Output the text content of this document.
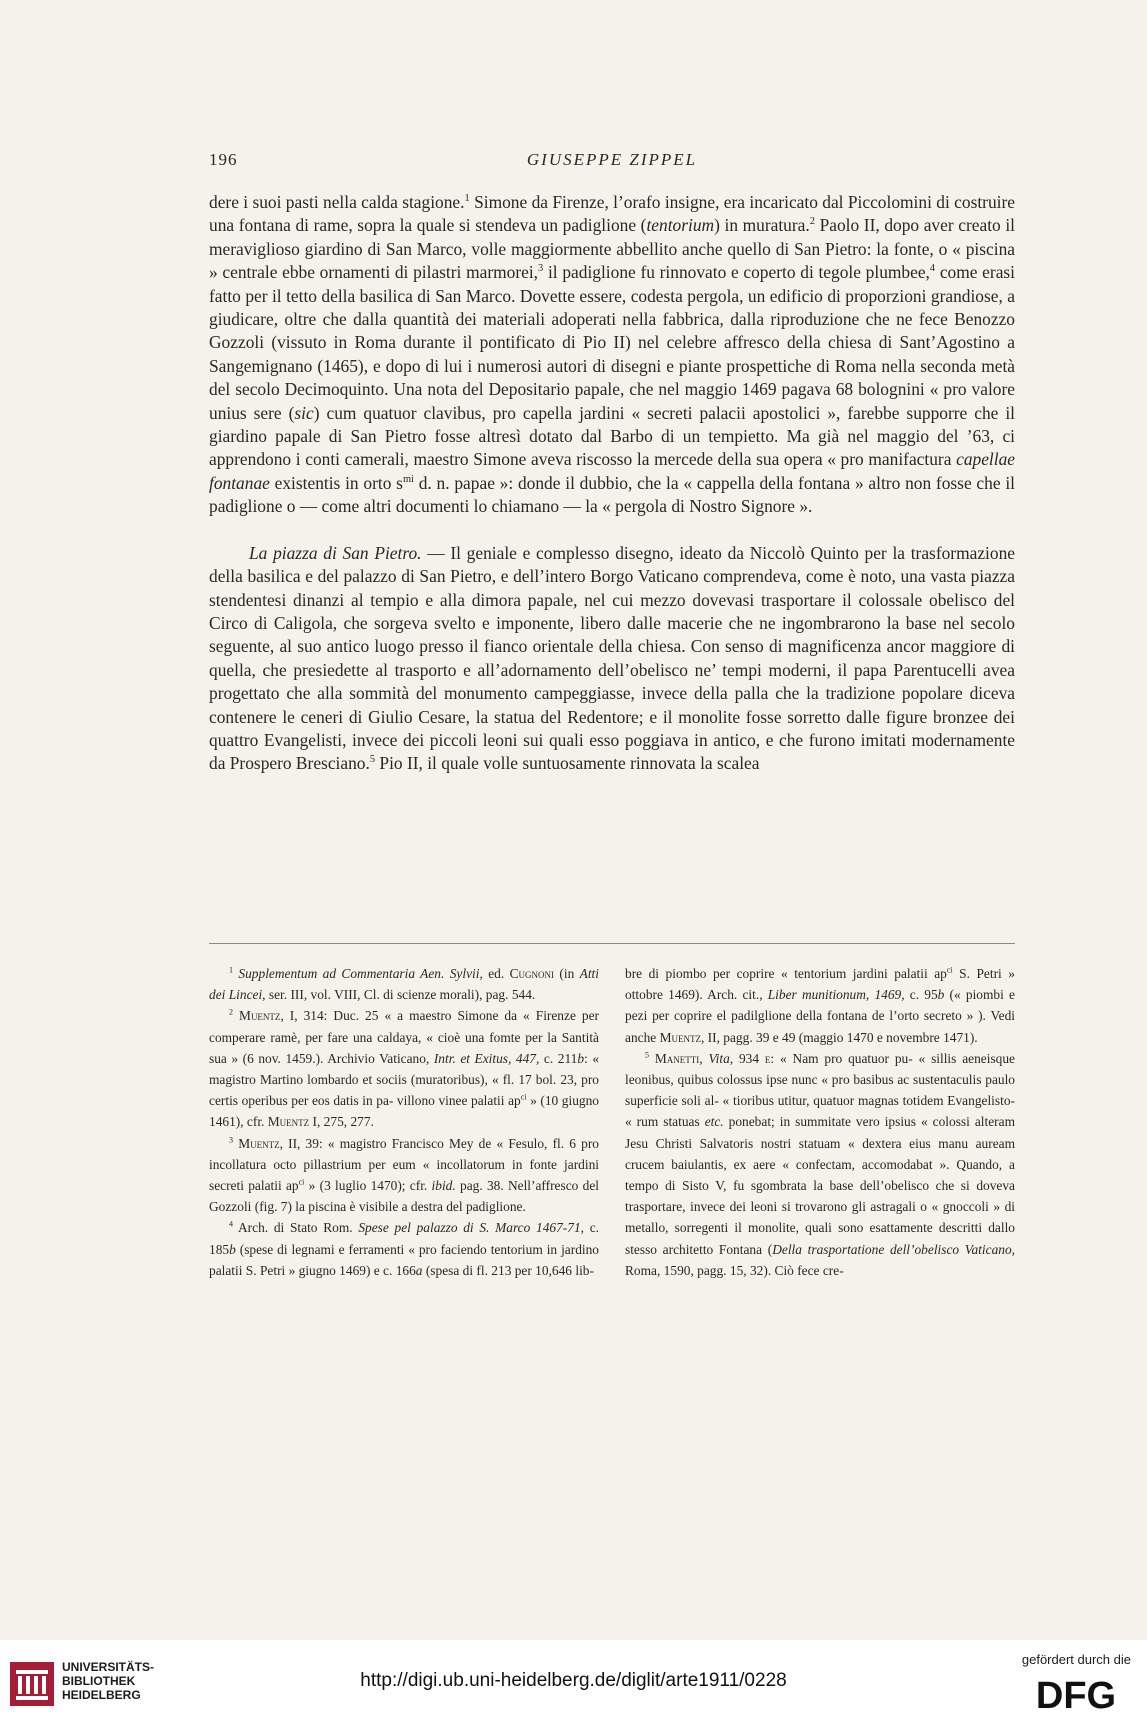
196	GIUSEPPE ZIPPEL

dere i suoi pasti nella calda stagione.$^1$ Simone da Firenze, l’orafo insigne, era incaricato dal Piccolomini di costruire una fontana di rame, sopra la quale si stendeva un padiglione (tentorium) in muratura.$^2$ Paolo II, dopo aver creato il meraviglioso giardino di San Marco, volle maggiormente abbellito anche quello di San Pietro: la fonte, o « piscina » centrale ebbe ornamenti di pilastri marmorei,$^3$ il padiglione fu rinnovato e coperto di tegole plumbee,$^4$ come erasi fatto per il tetto della basilica di San Marco. Dovette essere, codesta pergola, un edificio di proporzioni grandiose, a giudicare, oltre che dalla quantità dei materiali adoperati nella fabbrica, dalla riproduzione che ne fece Benozzo Gozzoli (vissuto in Roma durante il pontificato di Pio II) nel celebre affresco della chiesa di Sant’Agostino a Sangemignano (1465), e dopo di lui i numerosi autori di disegni e piante prospettiche di Roma nella seconda metà del secolo Decimoquinto. Una nota del Depositario papale, che nel maggio 1469 pagava 68 bolognini « pro valore unius sere (sic) cum quatuor clavibus, pro capella jardini « secreti palacii apostolici », farebbe supporre che il giardino papale di San Pietro fosse altresì dotato dal Barbo di un tempietto. Ma già nel maggio del ’63, ci apprendono i conti camerali, maestro Simone aveva riscosso la mercede della sua opera « pro manifactura capellae fontanae existentis in orto $s^{mi}$ d. n. papae »: donde il dubbio, che la « cappella della fontana » altro non fosse che il padiglione o — come altri documenti lo chiamano — la « pergola di Nostro Signore ».

La piazza di San Pietro. — Il geniale e complesso disegno, ideato da Niccolò Quinto per la trasformazione della basilica e del palazzo di San Pietro, e dell’intero Borgo Vaticano comprendeva, come è noto, una vasta piazza stendentesi dinanzi al tempio e alla dimora papale, nel cui mezzo dovevasi trasportare il colossale obelisco del Circo di Caligola, che sorgeva svelto e imponente, libero dalle macerie che ne ingombrarono la base nel secolo seguente, al suo antico luogo presso il fianco orientale della chiesa. Con senso di magnificenza ancor maggiore di quella, che presiedette al trasporto e all’adornamento dell’obelisco ne’ tempi moderni, il papa Parentucelli avea progettato che alla sommità del monumento campeggiasse, invece della palla che la tradizione popolare diceva contenere le ceneri di Giulio Cesare, la statua del Redentore; e il monolite fosse sorretto dalle figure bronzee dei quattro Evangelisti, invece dei piccoli leoni sui quali esso poggiava in antico, e che furono imitati modernamente da Prospero Bresciano.$^5$ Pio II, il quale volle suntuosamente rinnovata la scalea

$^1$ Supplementum ad Commentaria Aen. Sylvii, ed. Cugnoni (in Atti dei Lincei, ser. III, vol. VIII, Cl. di scienze morali), pag. 544.

$^2$ Muentz, I, 314: Duc. 25 « a maestro Simone da « Firenze per comperare ramè, per fare una caldaya, « cioè una fomte per la Santità sua » (6 nov. 1459.). Archivio Vaticano, Intr. et Exitus, 447, c. 211b: « magistro Martino lombardo et sociis (muratoribus), « fl. 17 bol. 23, pro certis operibus per eos datis in pa- villono vinee palatii $ap^{ci}$ » (10 giugno 1461), cfr. Muentz I, 275, 277.

$^3$ Muentz, II, 39: « magistro Francisco Mey de « Fesulo, fl. 6 pro incollatura octo pillastrium per eum « incollatorum in fonte jardini secreti palatii $ap^{ci}$ » (3 luglio 1470); cfr. ibid. pag. 38. Nell’affresco del Gozzoli (fig. 7) la piscina è visibile a destra del padiglione.

$^4$ Arch. di Stato Rom. Spese pel palazzo di S. Marco 1467-71, c. 185b (spese di legnami e ferramenti « pro faciendo tentorium in jardino palatii S. Petri » giugno 1469) e c. 166a (spesa di fl. 213 per 10,646 lib-

bre di piombo per coprire « tentorium jardini palatii $ap^{ci}$ S. Petri » ottobre 1469). Arch. cit., Liber munitionum, 1469, c. 95b (« piombi e pezi per coprire el padilglione della fontana de l’orto secreto » ). Vedi anche Muentz, II, pagg. 39 e 49 (maggio 1470 e novembre 1471).

$^5$ Manetti, Vita, 934 e: « Nam pro quatuor pu- « sillis aeneisque leonibus, quibus colossus ipse nunc « pro basibus ac sustentaculis paulo superficie soli al- « tioribus utitur, quatuor magnas totidem Evangelisto- « rum statuas etc. ponebat; in summitate vero ipsius « colossi alteram Jesu Christi Salvatoris nostri statuam « dextera eius manu auream crucem baiulantis, ex aere « confectam, accomodabat ». Quando, a tempo di Sisto V, fu sgombrata la base dell’obelisco che si doveva trasportare, invece dei leoni si trovarono gli astragali o « gnoccoli » di metallo, sorregenti il monolite, quali sono esattamente descritti dallo stesso architetto Fontana (Della trasportatione dell’obelisco Vaticano, Roma, 1590, pagg. 15, 32). Ciò fece cre-

UNIVERSITÄTS-
BIBLIOTHEK
HEIDELBERG
http://digi.ub.uni-heidelberg.de/diglit/arte1911/0228
gefördert durch die
DFG
